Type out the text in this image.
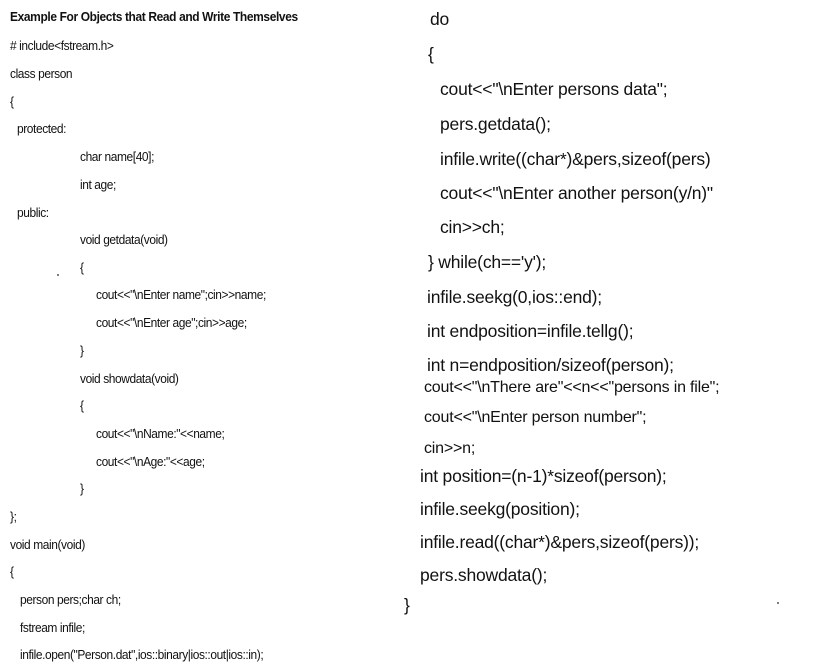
Example For Objects that Read and Write Themselves
# include<fstream.h>
class person
{
protected:
char name[40];
int age;
public:
void getdata(void)
{
cout<<"\nEnter name";cin>>name;
cout<<"\nEnter age";cin>>age;
}
void showdata(void)
{
cout<<"\nName:"<<name;
cout<<"\nAge:"<<age;
}
};
void main(void)
{
person pers;char ch;
fstream infile;
infile.open("Person.dat",ios::binary|ios::out|ios::in);
do
{
cout<<"\nEnter persons data";
pers.getdata();
infile.write((char*)&pers,sizeof(pers)
cout<<"\nEnter another person(y/n)"
cin>>ch;
} while(ch=='y');
infile.seekg(0,ios::end);
int endposition=infile.tellg();
int n=endposition/sizeof(person);
cout<<"\nThere are"<<n<<"persons in file";
cout<<"\nEnter person number";
cin>>n;
int position=(n-1)*sizeof(person);
infile.seekg(position);
infile.read((char*)&pers,sizeof(pers));
pers.showdata();
}
